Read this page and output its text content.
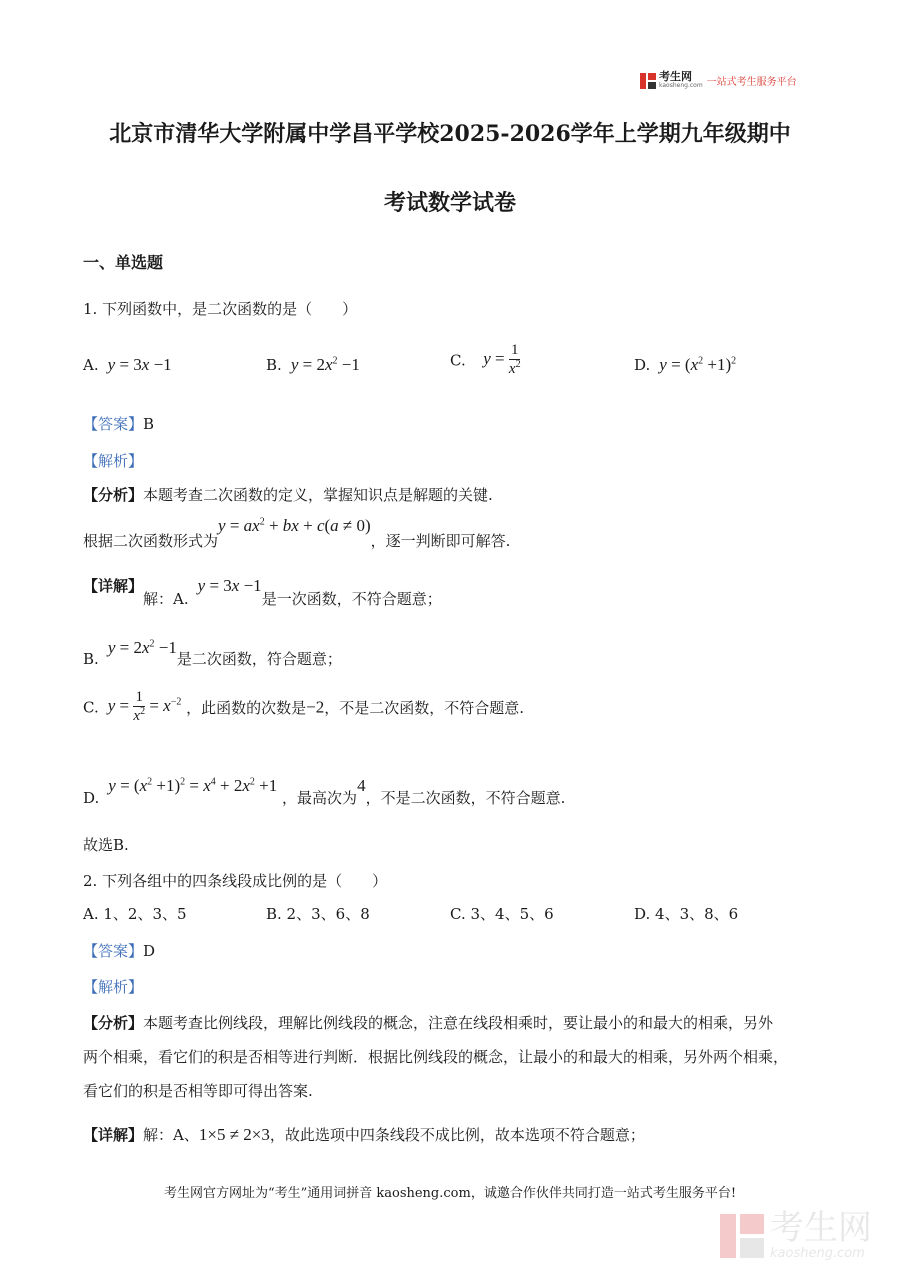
考生网
kaosheng.com 一站式考生服务平台
北京市清华大学附属中学昌平学校2025-2026学年上学期九年级期中
考试数学试卷
一、单选题
1. 下列函数中，是二次函数的是（　　）
A.  y = 3x −1	B.  $y = 2x^2 -1$	C.    $y = \frac{1}{x^2}$	D.  $y = (x^2 +1)^2$
【答案】B
【解析】
【分析】本题考查二次函数的定义，掌握知识点是解题的关键.
根据二次函数形式为$y = ax^2$ + bx + c(a ≠ 0)，逐一判断即可解答.
【详解】解：A.  y = 3x −1是一次函数，不符合题意；
B.  $y = 2x^2 -1$是二次函数，符合题意；
C.  $y = \frac{1}{x^2} = x^{-2}$ ，此函数的次数是−2，不是二次函数，不符合题意.
D.  $y = (x^2 +1)^2 = x^4 + 2x^2 +1$ ，最高次为4，不是二次函数，不符合题意.
故选B.
2. 下列各组中的四条线段成比例的是（　　）
A. 1、2、3、5	B. 2、3、6、8	C. 3、4、5、6	D. 4、3、8、6
【答案】D
【解析】
【分析】本题考查比例线段，理解比例线段的概念，注意在线段相乘时，要让最小的和最大的相乘，另外
两个相乘，看它们的积是否相等进行判断．根据比例线段的概念，让最小的和最大的相乘，另外两个相乘，
看它们的积是否相等即可得出答案.
【详解】解：A、1×5 ≠ 2×3，故此选项中四条线段不成比例，故本选项不符合题意；
考生网官方网址为“考生”通用词拼音 kaosheng.com，诚邀合作伙伴共同打造一站式考生服务平台!
考生网
kaosheng.com
